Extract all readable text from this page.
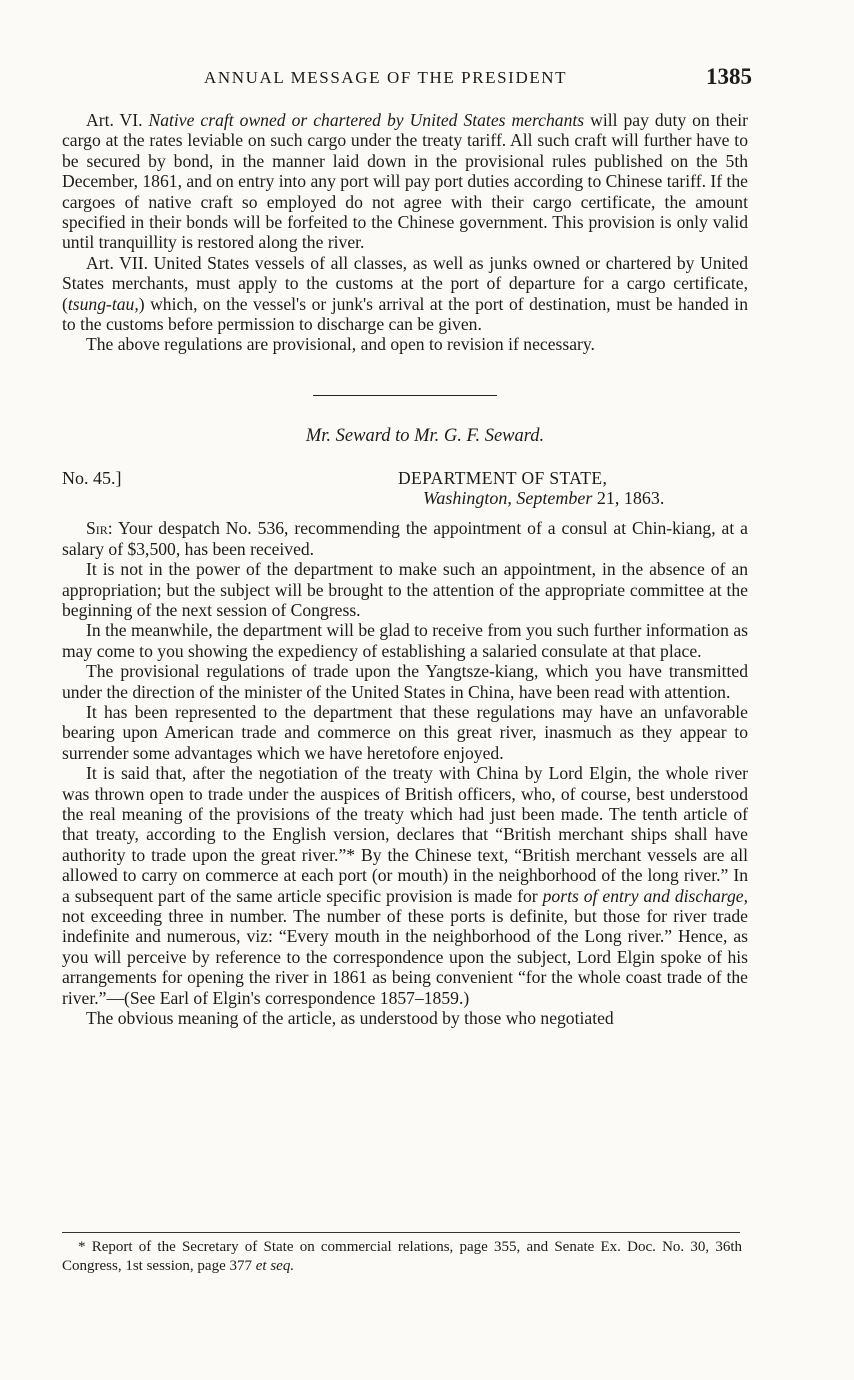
ANNUAL MESSAGE OF THE PRESIDENT	1385

Art. VI. Native craft owned or chartered by United States merchants will pay duty on their cargo at the rates leviable on such cargo under the treaty tariff. All such craft will further have to be secured by bond, in the manner laid down in the provisional rules published on the 5th December, 1861, and on entry into any port will pay port duties according to Chinese tariff. If the cargoes of native craft so employed do not agree with their cargo certificate, the amount specified in their bonds will be forfeited to the Chinese government. This provision is only valid until tranquillity is restored along the river.

Art. VII. United States vessels of all classes, as well as junks owned or chartered by United States merchants, must apply to the customs at the port of departure for a cargo certificate, (tsung-tau,) which, on the vessel's or junk's arrival at the port of destination, must be handed in to the customs before permission to discharge can be given.

The above regulations are provisional, and open to revision if necessary.

Mr. Seward to Mr. G. F. Seward.
No. 45.]	DEPARTMENT OF STATE,
Washington, September 21, 1863.

Sir: Your despatch No. 536, recommending the appointment of a consul at Chin-kiang, at a salary of $3,500, has been received.

It is not in the power of the department to make such an appointment, in the absence of an appropriation; but the subject will be brought to the attention of the appropriate committee at the beginning of the next session of Congress.

In the meanwhile, the department will be glad to receive from you such further information as may come to you showing the expediency of establishing a salaried consulate at that place.

The provisional regulations of trade upon the Yangtsze-kiang, which you have transmitted under the direction of the minister of the United States in China, have been read with attention.

It has been represented to the department that these regulations may have an unfavorable bearing upon American trade and commerce on this great river, inasmuch as they appear to surrender some advantages which we have heretofore enjoyed.

It is said that, after the negotiation of the treaty with China by Lord Elgin, the whole river was thrown open to trade under the auspices of British officers, who, of course, best understood the real meaning of the provisions of the treaty which had just been made. The tenth article of that treaty, according to the English version, declares that “British merchant ships shall have authority to trade upon the great river.”* By the Chinese text, “British merchant vessels are all allowed to carry on commerce at each port (or mouth) in the neighborhood of the long river.” In a subsequent part of the same article specific provision is made for ports of entry and discharge, not exceeding three in number. The number of these ports is definite, but those for river trade indefinite and numerous, viz: “Every mouth in the neighborhood of the Long river.” Hence, as you will perceive by reference to the correspondence upon the subject, Lord Elgin spoke of his arrangements for opening the river in 1861 as being convenient “for the whole coast trade of the river.”—(See Earl of Elgin's correspondence 1857–1859.)

The obvious meaning of the article, as understood by those who negotiated

* Report of the Secretary of State on commercial relations, page 355, and Senate Ex. Doc. No. 30, 36th Congress, 1st session, page 377 et seq.
